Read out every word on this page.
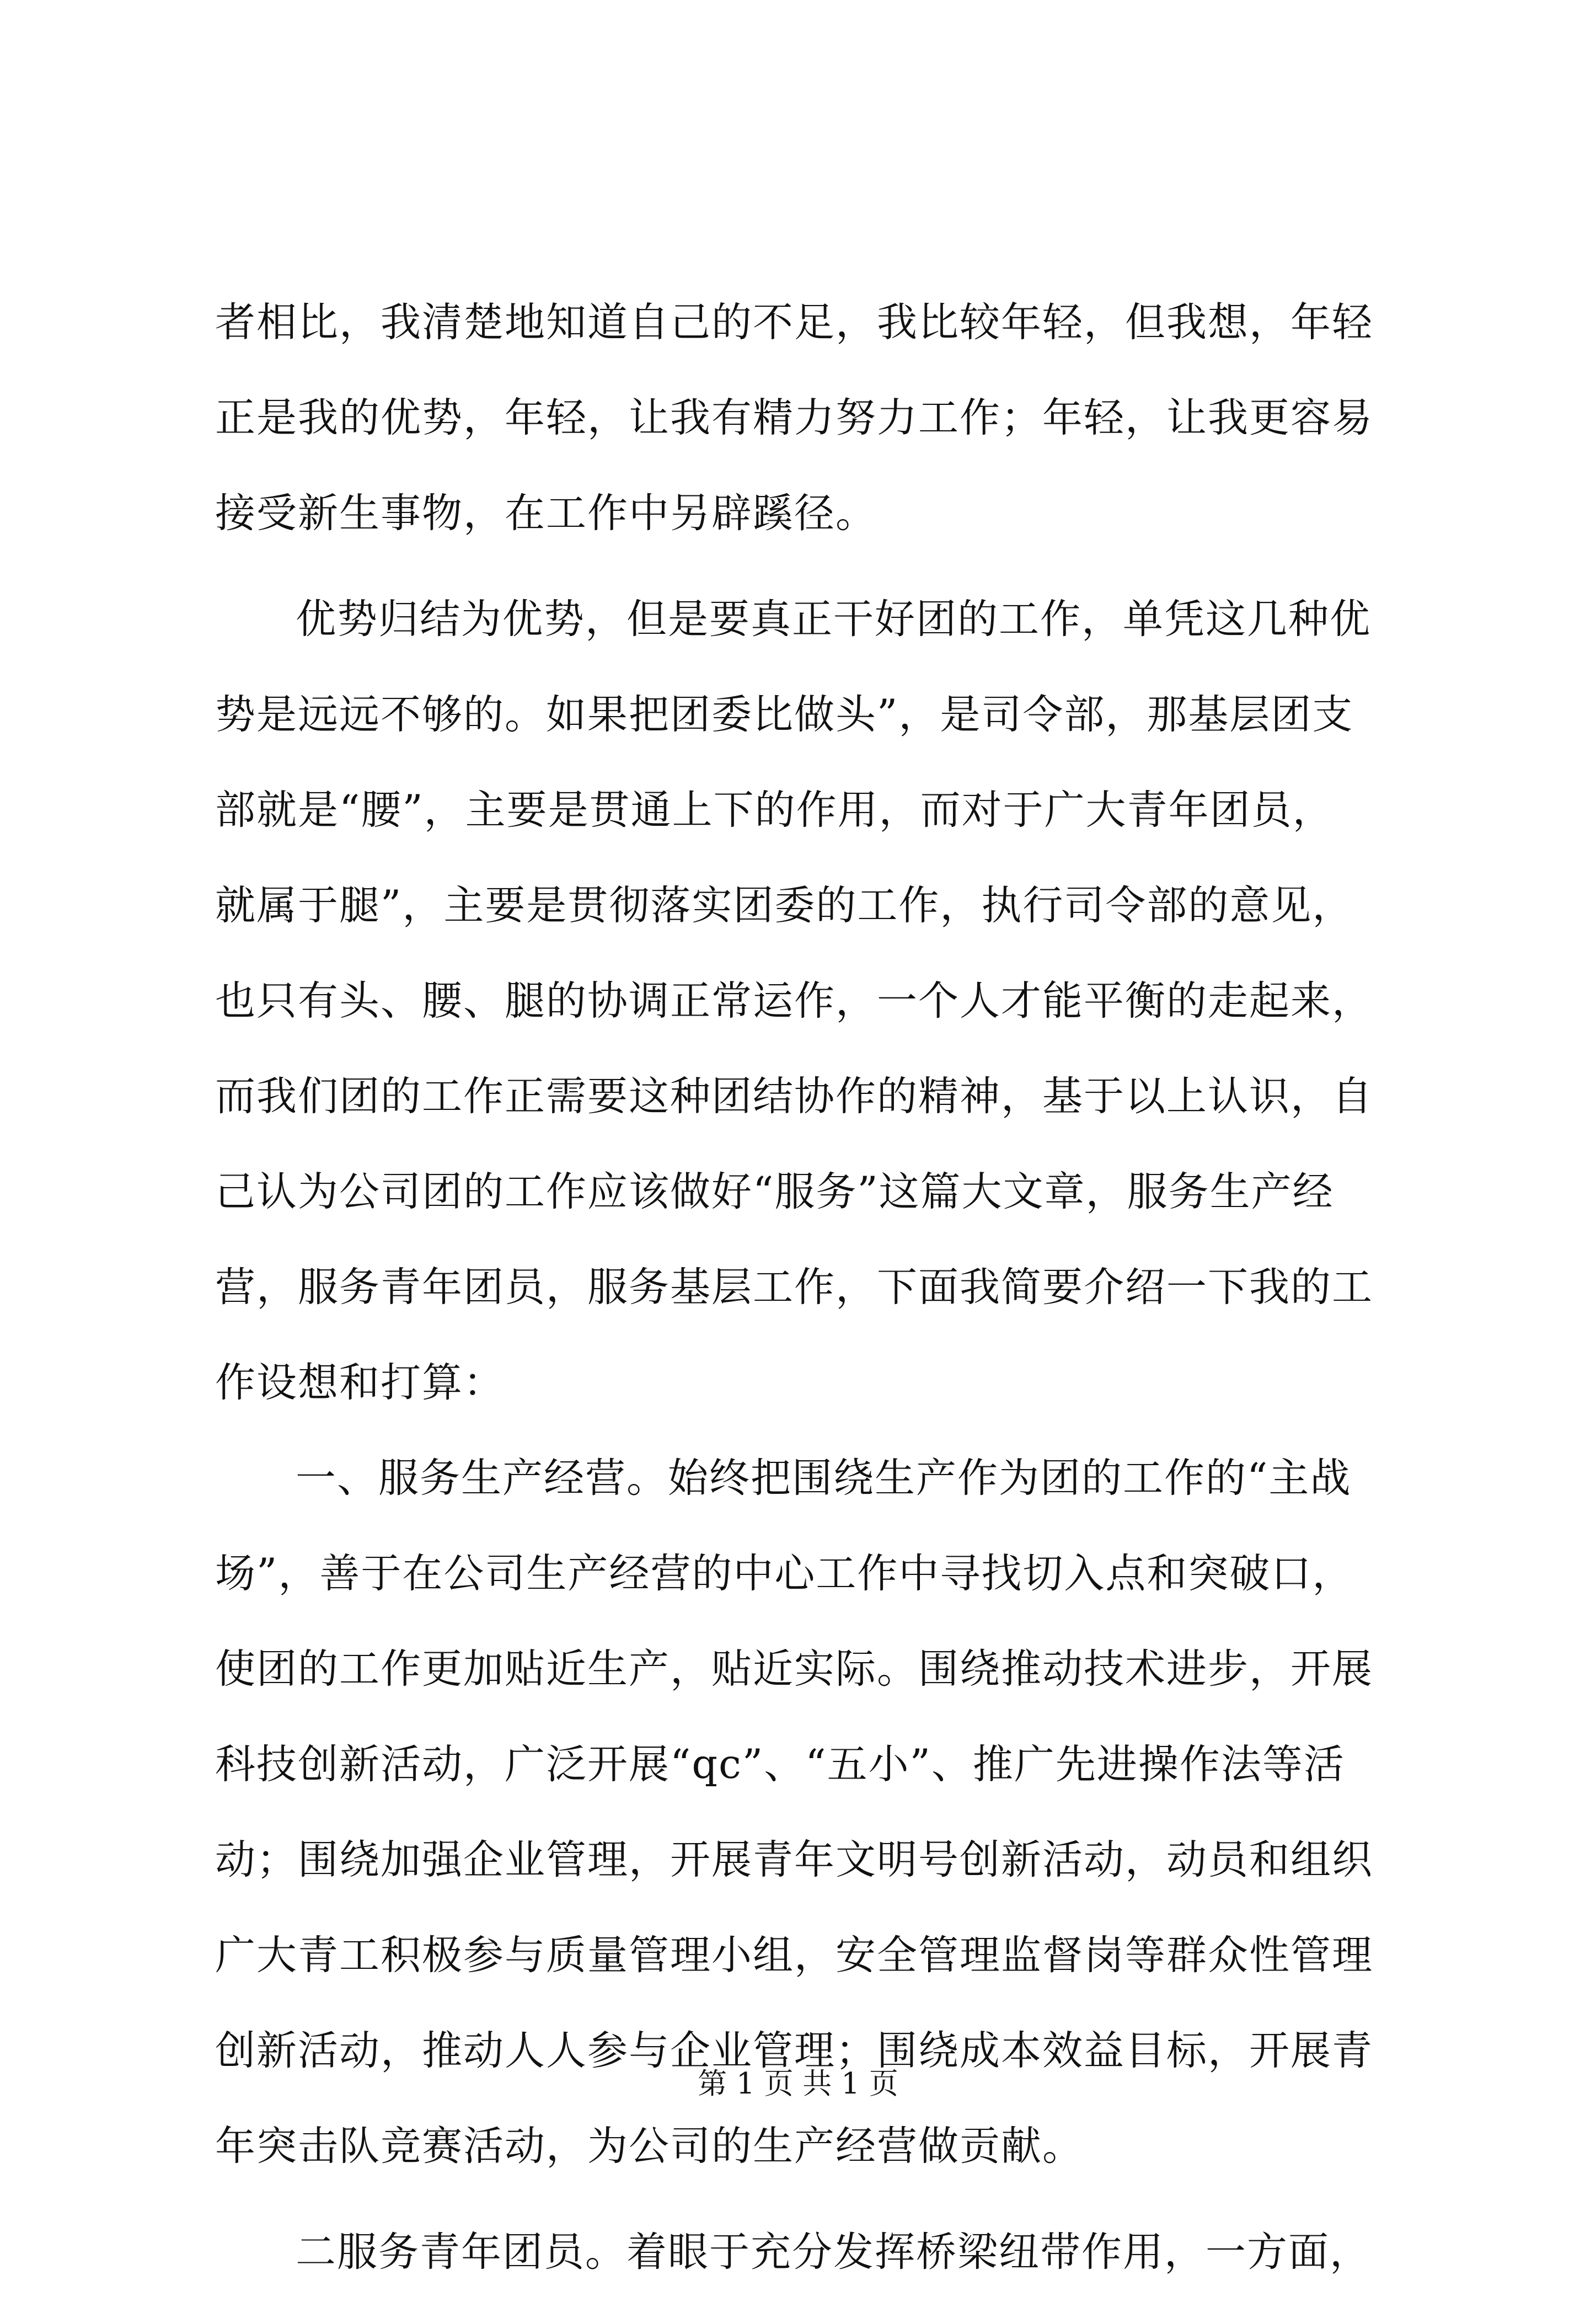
者相比，我清楚地知道自己的不足，我比较年轻，但我想，年轻
正是我的优势，年轻，让我有精力努力工作；年轻，让我更容易
接受新生事物，在工作中另辟蹊径。
优势归结为优势，但是要真正干好团的工作，单凭这几种优
势是远远不够的。如果把团委比做头”，是司令部，那基层团支
部就是“腰”，主要是贯通上下的作用，而对于广大青年团员，
就属于腿”，主要是贯彻落实团委的工作，执行司令部的意见，
也只有头、腰、腿的协调正常运作，一个人才能平衡的走起来，
而我们团的工作正需要这种团结协作的精神，基于以上认识，自
己认为公司团的工作应该做好“服务”这篇大文章，服务生产经
营，服务青年团员，服务基层工作，下面我简要介绍一下我的工
作设想和打算：
一、服务生产经营。始终把围绕生产作为团的工作的“主战
场”，善于在公司生产经营的中心工作中寻找切入点和突破口，
使团的工作更加贴近生产，贴近实际。围绕推动技术进步，开展
科技创新活动，广泛开展“qc”、“五小”、推广先进操作法等活
动；围绕加强企业管理，开展青年文明号创新活动，动员和组织
广大青工积极参与质量管理小组，安全管理监督岗等群众性管理
创新活动，推动人人参与企业管理；围绕成本效益目标，开展青
年突击队竞赛活动，为公司的生产经营做贡献。
二服务青年团员。着眼于充分发挥桥梁纽带作用，一方面，
第 1 页 共 1 页
